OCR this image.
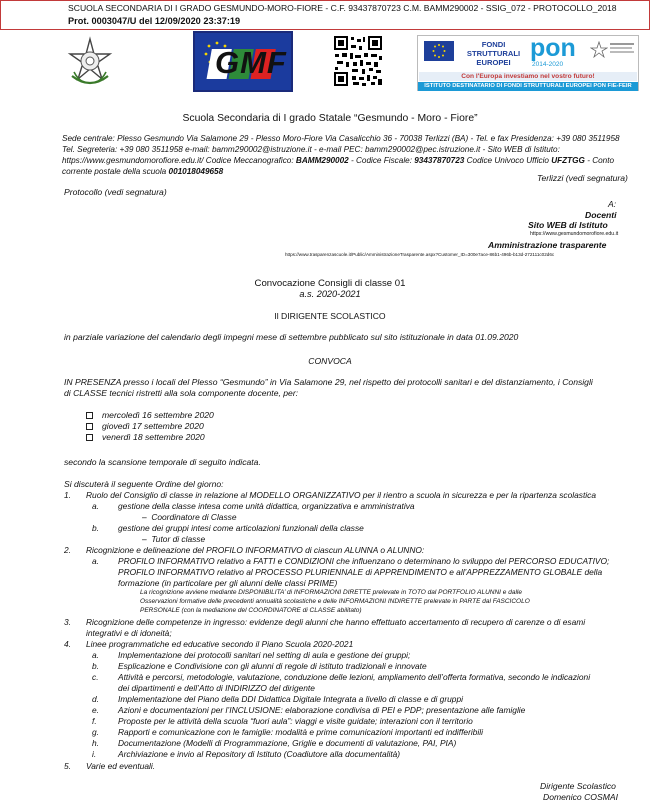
SCUOLA SECONDARIA DI I GRADO GESMUNDO-MORO-FIORE - C.F. 93437870723 C.M. BAMM290002 - SSIG_072 - PROTOCOLLO_2018
Prot. 0003047/U del 12/09/2020 23:37:19
GMF
FONDI STRUTTURALI EUROPEI
pon
2014-2020
Con l'Europa investiamo nel vostro futuro!
ISTITUTO DESTINATARIO DI FONDI STRUTTURALI EUROPEI PON FIE-FEIR
Scuola Secondaria di I grado Statale “Gesmundo - Moro - Fiore”
Sede centrale: Plesso Gesmundo Via Salamone 29 - Plesso Moro-Fiore Via Casalicchio 36 - 70038 Terlizzi (BA) - Tel. e fax Presidenza: +39 080 3511958
Tel. Segreteria: +39 080 3511958 e-mail: bamm290002@istruzione.it - e-mail PEC: bamm290002@pec.istruzione.it - Sito WEB di Istituto:
https://www.gesmundomorofiore.edu.it/ Codice Meccanografico: BAMM290002 - Codice Fiscale: 93437870723 Codice Univoco Ufficio UFZTGG - Conto
corrente postale della scuola 001018049658
Terlizzi (vedi segnatura)
Protocollo (vedi segnatura)
A:
Docenti
Sito WEB di Istituto
https://www.gesmundomorofiore.edu.it
Amministrazione trasparente
https://www.trasparenzascuole.it/Public/AmministrazioneTrasparente.aspx?Customer_ID=300e7ace-86b1-496b-b13d-272111c02d6c
Convocazione Consigli di classe 01
a.s. 2020-2021
Il DIRIGENTE SCOLASTICO
in parziale variazione del calendario degli impegni mese di settembre pubblicato sul sito istituzionale in data 01.09.2020
CONVOCA
IN PRESENZA presso i locali del Plesso “Gesmundo” in Via Salamone 29, nel rispetto dei protocolli sanitari e del distanziamento, i Consigli
di CLASSE tecnici ristretti alla sola componente docente, per:
mercoledì 16 settembre 2020
giovedì 17 settembre 2020
venerdì 18 settembre 2020
secondo la scansione temporale di seguito indicata.
Si discuterà il seguente Ordine del giorno:
1. Ruolo del Consiglio di classe in relazione al MODELLO ORGANIZZATIVO per il rientro a scuola in sicurezza e per la ripartenza scolastica
a. gestione della classe intesa come unità didattica, organizzativa e amministrativa
–  Coordinatore di Classe
b. gestione dei gruppi intesi come articolazioni funzionali della classe
–  Tutor di classe
2. Ricognizione e delineazione del PROFILO INFORMATIVO di ciascun ALUNNA o ALUNNO:
a. PROFILO INFORMATIVO relativo a FATTI e CONDIZIONI che influenzano o determinano lo sviluppo del PERCORSO EDUCATIVO;
PROFILO INFORMATIVO relativo al PROCESSO PLURIENNALE di APPRENDIMENTO e all’APPREZZAMENTO GLOBALE della
formazione (in particolare per gli alunni delle classi PRIME)
La ricognizione avviene mediante DISPONIBILITA’ di INFORMAZIONI DIRETTE prelevate in TOTO dal PORTFOLIO ALUNNI e dalle
Osservazioni formative delle precedenti annualità scolastiche e delle INFORMAZIONI INDIRETTE prelevate in PARTE dal FASCICOLO
PERSONALE (con la mediazione del COORDINATORE di CLASSE abilitato)
3. Ricognizione delle competenze in ingresso: evidenze degli alunni che hanno effettuato accertamento di recupero di carenze o di esami
integrativi e di idoneità;
4. Linee programmatiche ed educative secondo il Piano Scuola 2020-2021
a. Implementazione dei protocolli sanitari nel setting di aula e gestione dei gruppi;
b. Esplicazione e Condivisione con gli alunni di regole di istituto tradizionali e innovate
c. Attività e percorsi, metodologie, valutazione, conduzione delle lezioni, ampliamento dell’offerta formativa, secondo le indicazioni
dei dipartimenti e dell’Atto di INDIRIZZO del dirigente
d. Implementazione del Piano della DDI Didattica Digitale Integrata a livello di classe e di gruppi
e. Azioni e documentazioni per l’INCLUSIONE: elaborazione condivisa di PEI e PDP; presentazione alle famiglie
f.	Proposte per le attività della scuola “fuori aula”: viaggi e visite guidate; interazioni con il territorio
g. Rapporti e comunicazione con le famiglie: modalità e prime comunicazioni importanti ed indifferibili
h. Documentazione (Modelli di Programmazione, Griglie e documenti di valutazione, PAI, PIA)
i.	Archiviazione e invio al Repository di Istituto (Coadiutore alla documentalità)
5. Varie ed eventuali.
Dirigente Scolastico
Domenico COSMAI
